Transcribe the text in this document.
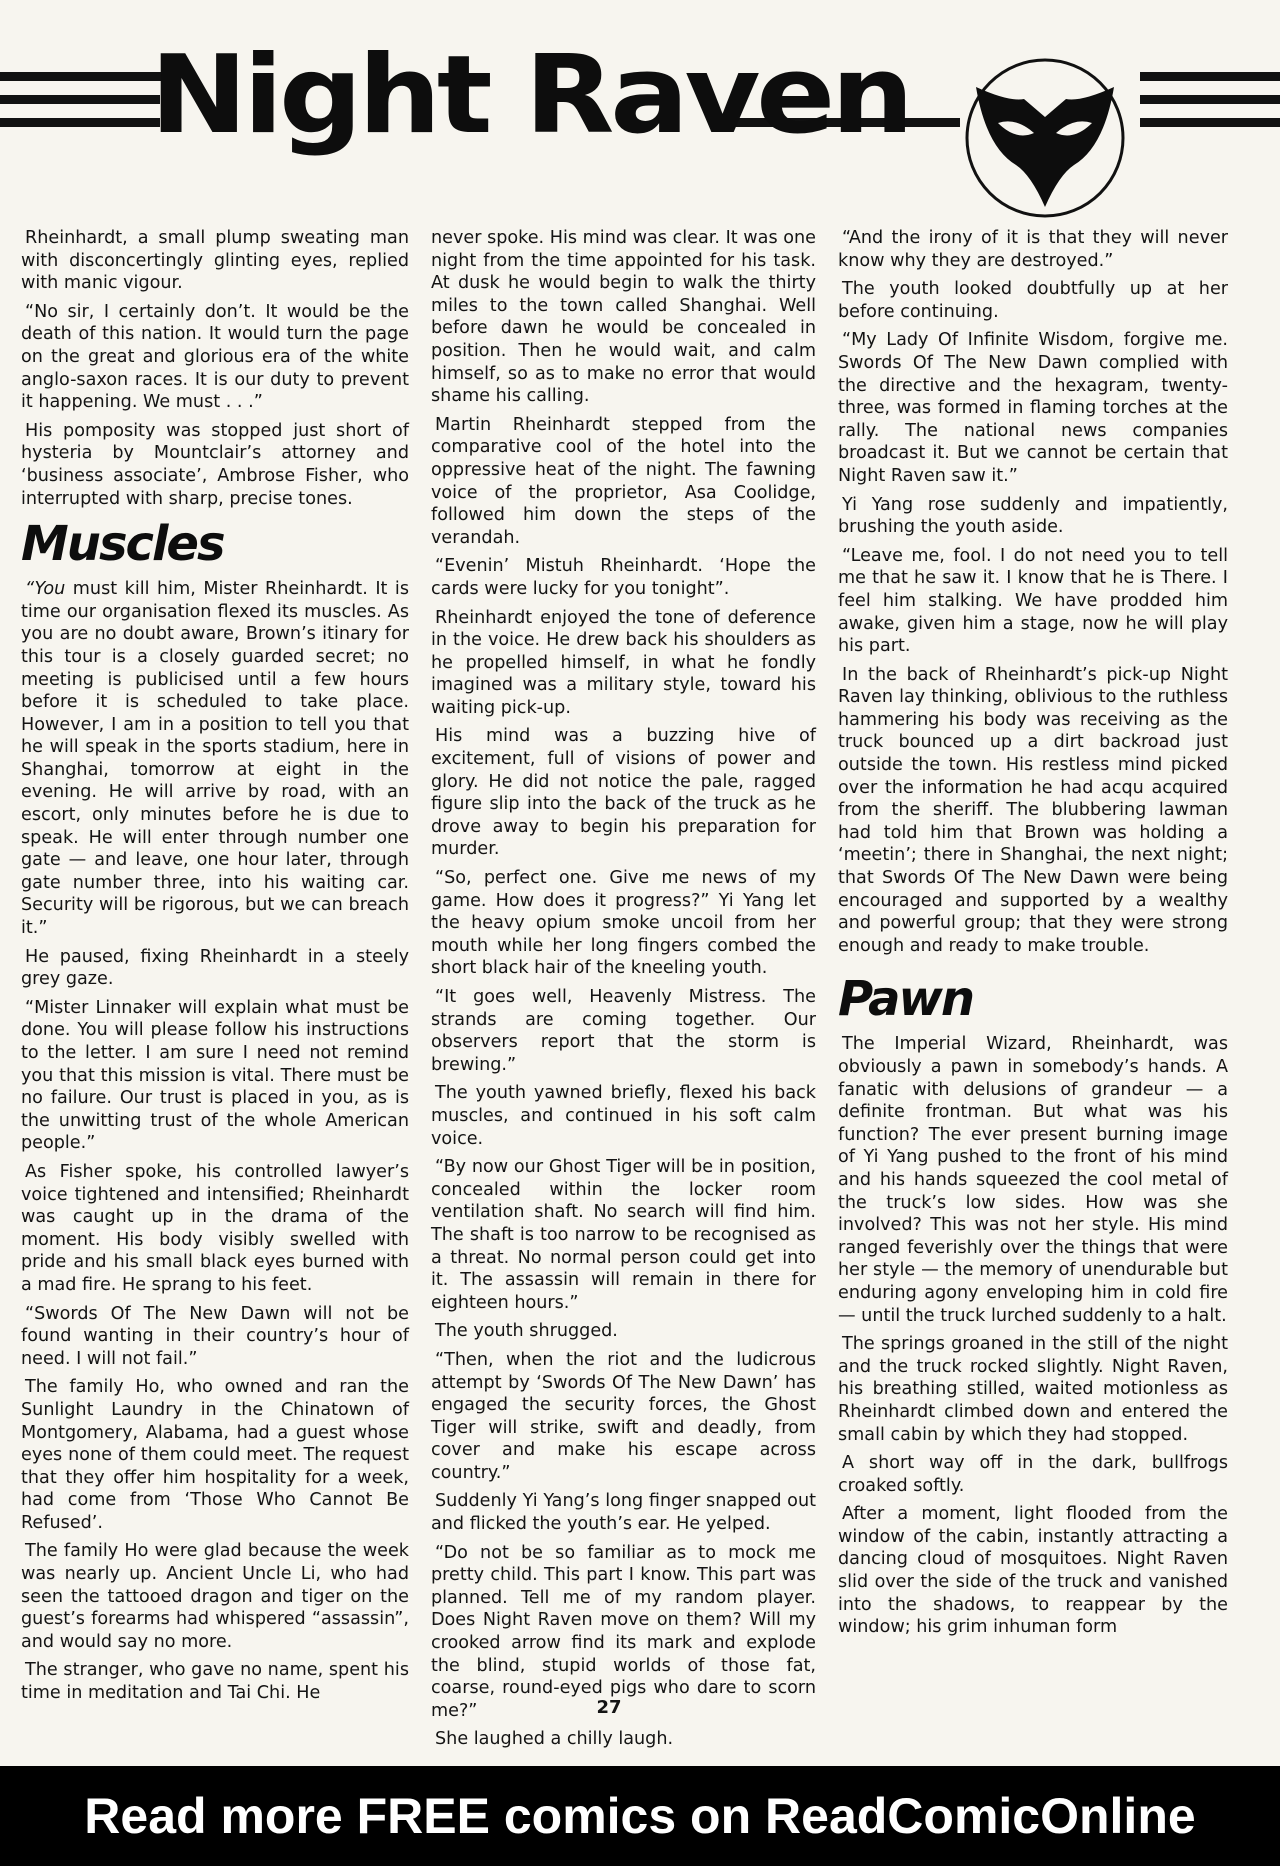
Night Raven

Rheinhardt, a small plump sweating man with disconcertingly glinting eyes, replied with manic vigour.

“No sir, I certainly don’t. It would be the death of this nation. It would turn the page on the great and glorious era of the white anglo-saxon races. It is our duty to prevent it happening. We must . . .”

His pomposity was stopped just short of hysteria by Mountclair’s attorney and ‘business associate’, Ambrose Fisher, who interrupted with sharp, precise tones.

Muscles

“You must kill him, Mister Rheinhardt. It is time our organisation flexed its muscles. As you are no doubt aware, Brown’s itinary for this tour is a closely guarded secret; no meeting is publicised until a few hours before it is scheduled to take place. However, I am in a position to tell you that he will speak in the sports stadium, here in Shanghai, tomorrow at eight in the evening. He will arrive by road, with an escort, only minutes before he is due to speak. He will enter through number one gate — and leave, one hour later, through gate number three, into his waiting car. Security will be rigorous, but we can breach it.”

He paused, fixing Rheinhardt in a steely grey gaze.

“Mister Linnaker will explain what must be done. You will please follow his instructions to the letter. I am sure I need not remind you that this mission is vital. There must be no failure. Our trust is placed in you, as is the unwitting trust of the whole American people.”

As Fisher spoke, his controlled lawyer’s voice tightened and intensified; Rheinhardt was caught up in the drama of the moment. His body visibly swelled with pride and his small black eyes burned with a mad fire. He sprang to his feet.

“Swords Of The New Dawn will not be found wanting in their country’s hour of need. I will not fail.”

The family Ho, who owned and ran the Sunlight Laundry in the Chinatown of Montgomery, Alabama, had a guest whose eyes none of them could meet. The request that they offer him hospitality for a week, had come from ‘Those Who Cannot Be Refused’.

The family Ho were glad because the week was nearly up. Ancient Uncle Li, who had seen the tattooed dragon and tiger on the guest’s forearms had whispered “assassin”, and would say no more.

The stranger, who gave no name, spent his time in meditation and Tai Chi. He

never spoke. His mind was clear. It was one night from the time appointed for his task. At dusk he would begin to walk the thirty miles to the town called Shanghai. Well before dawn he would be concealed in position. Then he would wait, and calm himself, so as to make no error that would shame his calling.

Martin Rheinhardt stepped from the comparative cool of the hotel into the oppressive heat of the night. The fawning voice of the proprietor, Asa Coolidge, followed him down the steps of the verandah.

“Evenin’ Mistuh Rheinhardt. ‘Hope the cards were lucky for you tonight”.

Rheinhardt enjoyed the tone of deference in the voice. He drew back his shoulders as he propelled himself, in what he fondly imagined was a military style, toward his waiting pick-up.

His mind was a buzzing hive of excitement, full of visions of power and glory. He did not notice the pale, ragged figure slip into the back of the truck as he drove away to begin his preparation for murder.

“So, perfect one. Give me news of my game. How does it progress?” Yi Yang let the heavy opium smoke uncoil from her mouth while her long fingers combed the short black hair of the kneeling youth.

“It goes well, Heavenly Mistress. The strands are coming together. Our observers report that the storm is brewing.”

The youth yawned briefly, flexed his back muscles, and continued in his soft calm voice.

“By now our Ghost Tiger will be in position, concealed within the locker room ventilation shaft. No search will find him. The shaft is too narrow to be recognised as a threat. No normal person could get into it. The assassin will remain in there for eighteen hours.”

The youth shrugged.

“Then, when the riot and the ludicrous attempt by ‘Swords Of The New Dawn’ has engaged the security forces, the Ghost Tiger will strike, swift and deadly, from cover and make his escape across country.”

Suddenly Yi Yang’s long finger snapped out and flicked the youth’s ear. He yelped.

“Do not be so familiar as to mock me pretty child. This part I know. This part was planned. Tell me of my random player. Does Night Raven move on them? Will my crooked arrow find its mark and explode the blind, stupid worlds of those fat, coarse, round-eyed pigs who dare to scorn me?”

She laughed a chilly laugh.

“And the irony of it is that they will never know why they are destroyed.”

The youth looked doubtfully up at her before continuing.

“My Lady Of Infinite Wisdom, forgive me. Swords Of The New Dawn complied with the directive and the hexagram, twenty-three, was formed in flaming torches at the rally. The national news companies broadcast it. But we cannot be certain that Night Raven saw it.”

Yi Yang rose suddenly and impatiently, brushing the youth aside.

“Leave me, fool. I do not need you to tell me that he saw it. I know that he is There. I feel him stalking. We have prodded him awake, given him a stage, now he will play his part.

In the back of Rheinhardt’s pick-up Night Raven lay thinking, oblivious to the ruthless hammering his body was receiving as the truck bounced up a dirt backroad just outside the town. His restless mind picked over the information he had acqu acquired from the sheriff. The blubbering lawman had told him that Brown was holding a ‘meetin’; there in Shanghai, the next night; that Swords Of The New Dawn were being encouraged and supported by a wealthy and powerful group; that they were strong enough and ready to make trouble.

Pawn

The Imperial Wizard, Rheinhardt, was obviously a pawn in somebody’s hands. A fanatic with delusions of grandeur — a definite frontman. But what was his function? The ever present burning image of Yi Yang pushed to the front of his mind and his hands squeezed the cool metal of the truck’s low sides. How was she involved? This was not her style. His mind ranged feverishly over the things that were her style — the memory of unendurable but enduring agony enveloping him in cold fire — until the truck lurched suddenly to a halt.

The springs groaned in the still of the night and the truck rocked slightly. Night Raven, his breathing stilled, waited motionless as Rheinhardt climbed down and entered the small cabin by which they had stopped.

A short way off in the dark, bullfrogs croaked softly.

After a moment, light flooded from the window of the cabin, instantly attracting a dancing cloud of mosquitoes. Night Raven slid over the side of the truck and vanished into the shadows, to reappear by the window; his grim inhuman form

27
Read more FREE comics on ReadComicOnline
